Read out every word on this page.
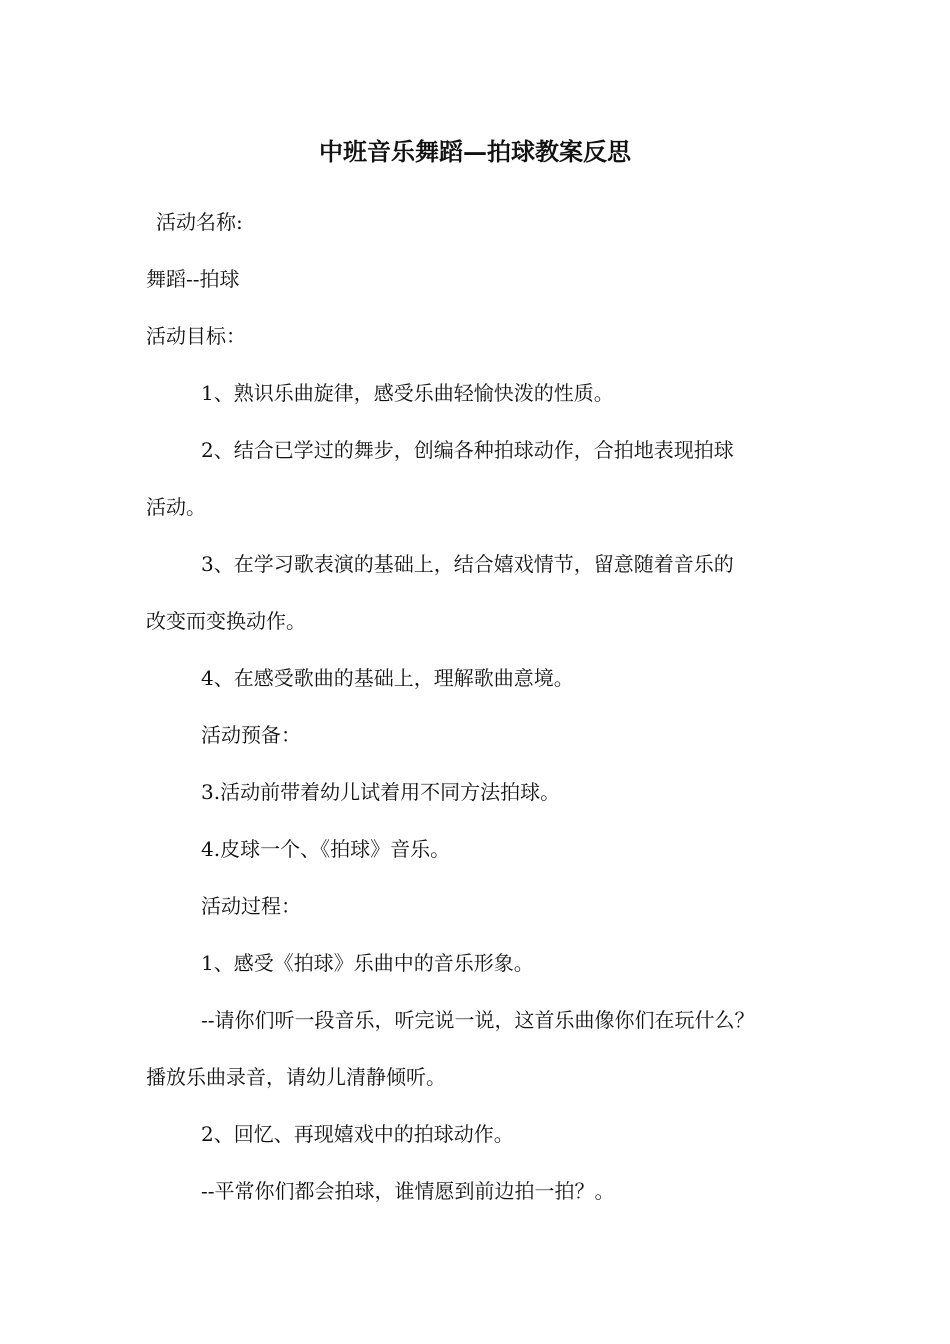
中班音乐舞蹈—拍球教案反思
活动名称:
舞蹈--拍球
活动目标：
1、熟识乐曲旋律，感受乐曲轻愉快泼的性质。
2、结合已学过的舞步，创编各种拍球动作，合拍地表现拍球
活动。
3、在学习歌表演的基础上，结合嬉戏情节，留意随着音乐的
改变而变换动作。
4、在感受歌曲的基础上，理解歌曲意境。
活动预备：
3.活动前带着幼儿试着用不同方法拍球。
4.皮球一个、《拍球》音乐。
活动过程：
1、感受《拍球》乐曲中的音乐形象。
--请你们听一段音乐，听完说一说，这首乐曲像你们在玩什么？
播放乐曲录音，请幼儿清静倾听。
2、回忆、再现嬉戏中的拍球动作。
--平常你们都会拍球，谁情愿到前边拍一拍？。
